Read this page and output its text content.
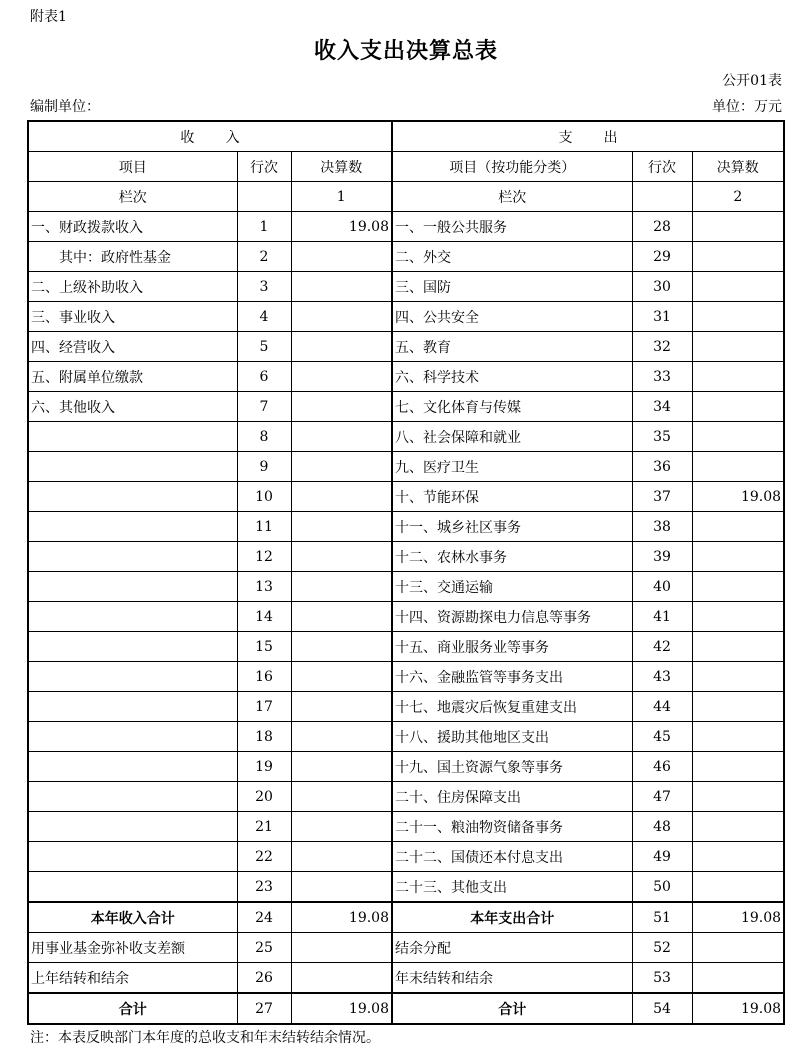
附表1
收入支出决算总表
公开01表
编制单位：	单位：万元
收       入			支       出		
项目	行次	决算数	项目（按功能分类）	行次	决算数
栏次		1	栏次		2
一、财政拨款收入	1	19.08	一、一般公共服务	28	
其中：政府性基金	2		二、外交	29	
二、上级补助收入	3		三、国防	30	
三、事业收入	4		四、公共安全	31	
四、经营收入	5		五、教育	32	
五、附属单位缴款	6		六、科学技术	33	
六、其他收入	7		七、文化体育与传媒	34	
	8		八、社会保障和就业	35	
	9		九、医疗卫生	36	
	10		十、节能环保	37	19.08
	11		十一、城乡社区事务	38	
	12		十二、农林水事务	39	
	13		十三、交通运输	40	
	14		十四、资源勘探电力信息等事务	41	
	15		十五、商业服务业等事务	42	
	16		十六、金融监管等事务支出	43	
	17		十七、地震灾后恢复重建支出	44	
	18		十八、援助其他地区支出	45	
	19		十九、国土资源气象等事务	46	
	20		二十、住房保障支出	47	
	21		二十一、粮油物资储备事务	48	
	22		二十二、国债还本付息支出	49	
	23		二十三、其他支出	50	
本年收入合计	24	19.08	本年支出合计	51	19.08
用事业基金弥补收支差额	25		结余分配	52	
上年结转和结余	26		年末结转和结余	53	
合计	27	19.08	合计	54	19.08
注：本表反映部门本年度的总收支和年末结转结余情况。
